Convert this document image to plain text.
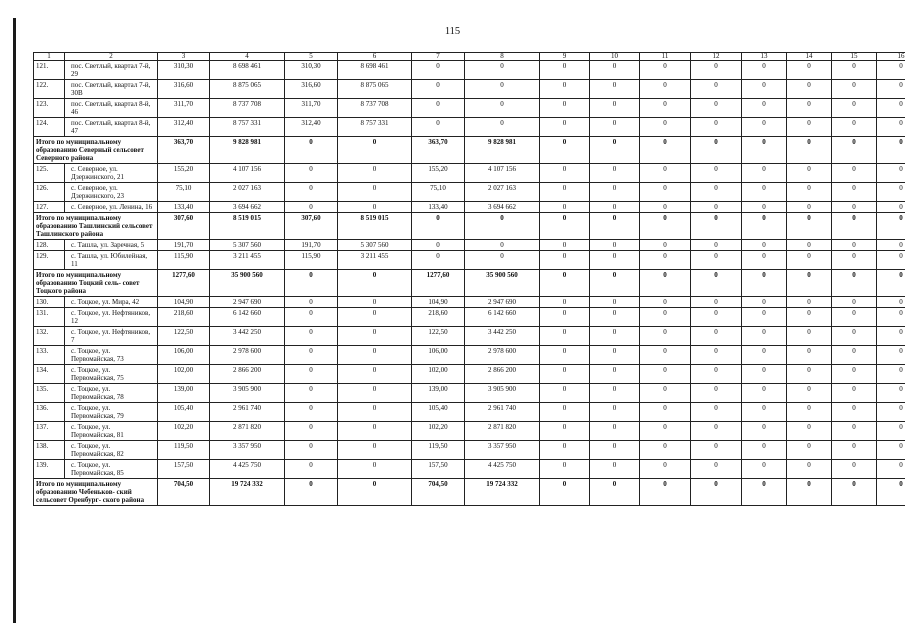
115
1	2	3	4	5	6	7	8	9	10	11	12	13	14	15	16
121.	пос. Светлый, квартал 7-й, 29	310,30	8 698 461	310,30	8 698 461	0	0	0	0	0	0	0	0	0	0
122.	пос. Светлый, квартал 7-й, 30В	316,60	8 875 065	316,60	8 875 065	0	0	0	0	0	0	0	0	0	0
123.	пос. Светлый, квартал 8-й, 46	311,70	8 737 708	311,70	8 737 708	0	0	0	0	0	0	0	0	0	0
124.	пос. Светлый, квартал 8-й, 47	312,40	8 757 331	312,40	8 757 331	0	0	0	0	0	0	0	0	0	0
Итого по муниципальному образованию Северный сельсовет Северного района		363,70	9 828 981	0	0	363,70	9 828 981	0	0	0	0	0	0	0	0
125.	с. Северное, ул. Дзержинского, 21	155,20	4 107 156	0	0	155,20	4 107 156	0	0	0	0	0	0	0	0
126.	с. Северное, ул. Дзержинского, 23	75,10	2 027 163	0	0	75,10	2 027 163	0	0	0	0	0	0	0	0
127.	с. Северное, ул. Ленина, 16	133,40	3 694 662	0	0	133,40	3 694 662	0	0	0	0	0	0	0	0
Итого по муниципальному образованию Ташлинский сельсовет Ташлинского района		307,60	8 519 015	307,60	8 519 015	0	0	0	0	0	0	0	0	0	0
128.	с. Ташла, ул. Заречная, 5	191,70	5 307 560	191,70	5 307 560	0	0	0	0	0	0	0	0	0	0
129.	с. Ташла, ул. Юбилейная, 11	115,90	3 211 455	115,90	3 211 455	0	0	0	0	0	0	0	0	0	0
Итого по муниципальному образованию Тоцкий сель- совет Тоцкого района		1277,60	35 900 560	0	0	1277,60	35 900 560	0	0	0	0	0	0	0	0
130.	с. Тоцкое, ул. Мира, 42	104,90	2 947 690	0	0	104,90	2 947 690	0	0	0	0	0	0	0	0
131.	с. Тоцкое, ул. Нефтяников, 12	218,60	6 142 660	0	0	218,60	6 142 660	0	0	0	0	0	0	0	0
132.	с. Тоцкое, ул. Нефтяников, 7	122,50	3 442 250	0	0	122,50	3 442 250	0	0	0	0	0	0	0	0
133.	с. Тоцкое, ул. Первомайская, 73	106,00	2 978 600	0	0	106,00	2 978 600	0	0	0	0	0	0	0	0
134.	с. Тоцкое, ул. Первомайская, 75	102,00	2 866 200	0	0	102,00	2 866 200	0	0	0	0	0	0	0	0
135.	с. Тоцкое, ул. Первомайская, 78	139,00	3 905 900	0	0	139,00	3 905 900	0	0	0	0	0	0	0	0
136.	с. Тоцкое, ул. Первомайская, 79	105,40	2 961 740	0	0	105,40	2 961 740	0	0	0	0	0	0	0	0
137.	с. Тоцкое, ул. Первомайская, 81	102,20	2 871 820	0	0	102,20	2 871 820	0	0	0	0	0	0	0	0
138.	с. Тоцкое, ул. Первомайская, 82	119,50	3 357 950	0	0	119,50	3 357 950	0	0	0	0	0	0	0	0
139.	с. Тоцкое, ул. Первомайская, 85	157,50	4 425 750	0	0	157,50	4 425 750	0	0	0	0	0	0	0	0
Итого по муниципальному образованию Чебеньков- ский сельсовет Оренбург- ского района		704,50	19 724 332	0	0	704,50	19 724 332	0	0	0	0	0	0	0	0
